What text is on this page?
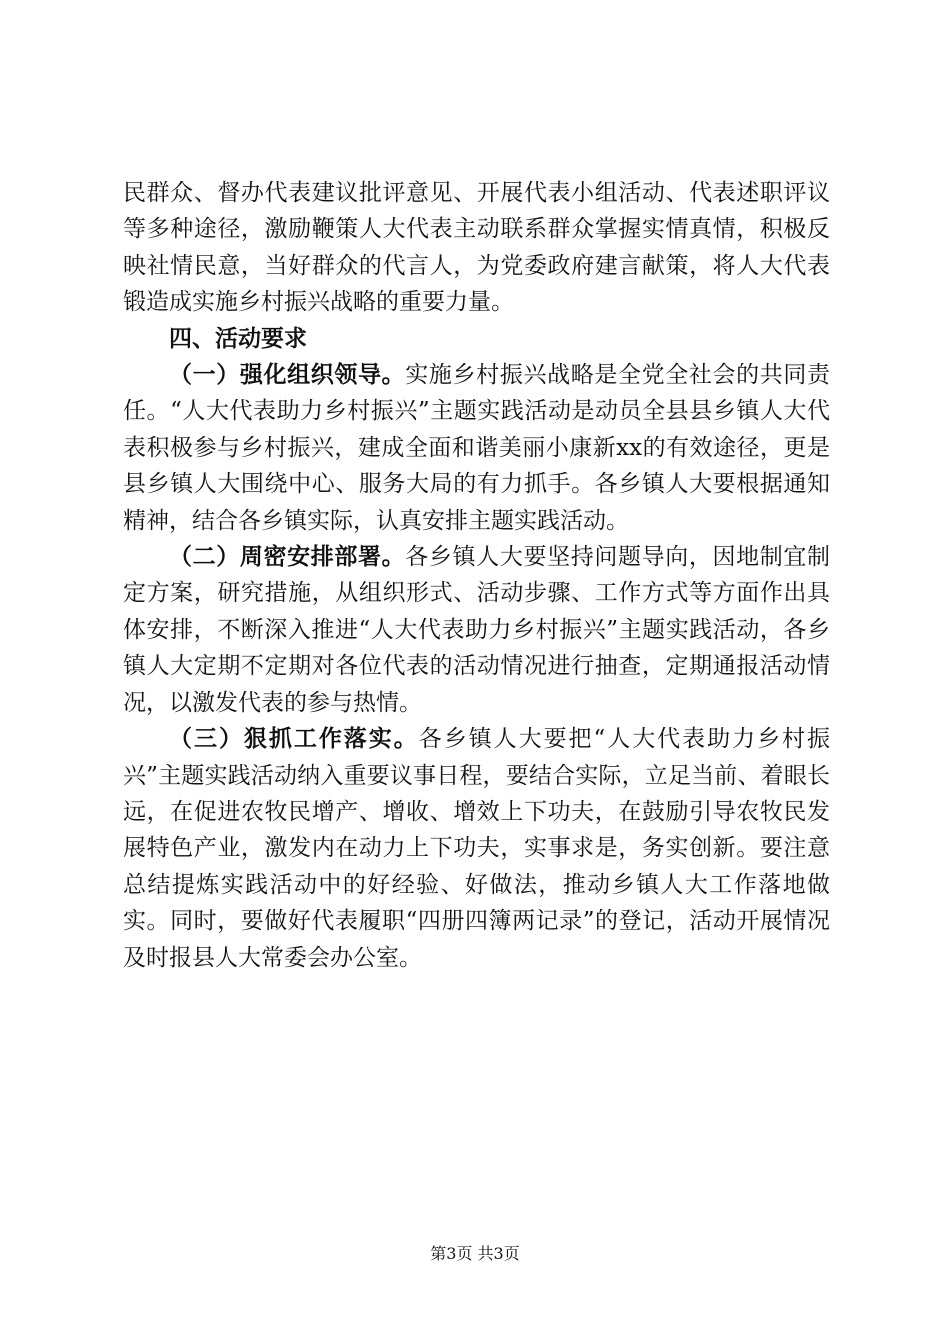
民群众、督办代表建议批评意见、开展代表小组活动、代表述职评议等多种途径，激励鞭策人大代表主动联系群众掌握实情真情，积极反映社情民意，当好群众的代言人，为党委政府建言献策，将人大代表锻造成实施乡村振兴战略的重要力量。

四、活动要求

（一）强化组织领导。实施乡村振兴战略是全党全社会的共同责任。“人大代表助力乡村振兴”主题实践活动是动员全县县乡镇人大代表积极参与乡村振兴，建成全面和谐美丽小康新xx的有效途径，更是县乡镇人大围绕中心、服务大局的有力抓手。各乡镇人大要根据通知精神，结合各乡镇实际，认真安排主题实践活动。

（二）周密安排部署。各乡镇人大要坚持问题导向，因地制宜制定方案，研究措施，从组织形式、活动步骤、工作方式等方面作出具体安排，不断深入推进“人大代表助力乡村振兴”主题实践活动，各乡镇人大定期不定期对各位代表的活动情况进行抽查，定期通报活动情况，以激发代表的参与热情。

（三）狠抓工作落实。各乡镇人大要把“人大代表助力乡村振兴”主题实践活动纳入重要议事日程，要结合实际，立足当前、着眼长远，在促进农牧民增产、增收、增效上下功夫，在鼓励引导农牧民发展特色产业，激发内在动力上下功夫，实事求是，务实创新。要注意总结提炼实践活动中的好经验、好做法，推动乡镇人大工作落地做实。同时，要做好代表履职“四册四簿两记录”的登记，活动开展情况及时报县人大常委会办公室。

第3页 共3页
